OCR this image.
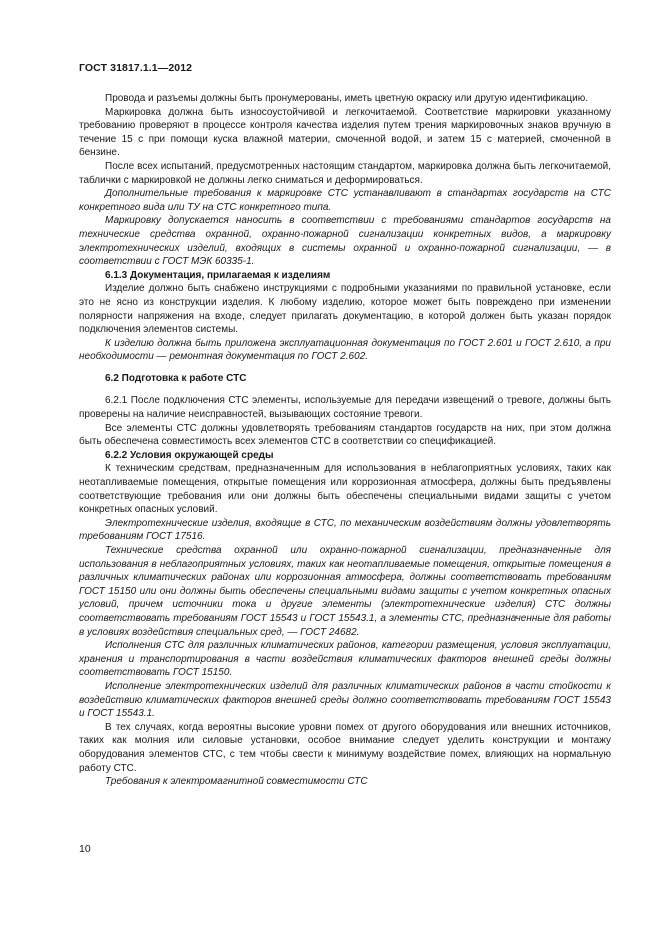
ГОСТ 31817.1.1—2012

Провода и разъемы должны быть пронумерованы, иметь цветную окраску или другую идентификацию.

Маркировка должна быть износоустойчивой и легкочитаемой. Соответствие маркировки указанному требованию проверяют в процессе контроля качества изделия путем трения маркировочных знаков вручную в течение 15 с при помощи куска влажной материи, смоченной водой, и затем 15 с материей, смоченной в бензине.

После всех испытаний, предусмотренных настоящим стандартом, маркировка должна быть легкочитаемой, таблички с маркировкой не должны легко сниматься и деформироваться.

Дополнительные требования к маркировке СТС устанавливают в стандартах государств на СТС конкретного вида или ТУ на СТС конкретного типа.

Маркировку допускается наносить в соответствии с требованиями стандартов государств на технические средства охранной, охранно-пожарной сигнализации конкретных видов, а маркировку электротехнических изделий, входящих в системы охранной и охранно-пожарной сигнализации, — в соответствии с ГОСТ МЭК 60335-1.

6.1.3 Документация, прилагаемая к изделиям

Изделие должно быть снабжено инструкциями с подробными указаниями по правильной установке, если это не ясно из конструкции изделия. К любому изделию, которое может быть повреждено при изменении полярности напряжения на входе, следует прилагать документацию, в которой должен быть указан порядок подключения элементов системы.

К изделию должна быть приложена эксплуатационная документация по ГОСТ 2.601 и ГОСТ 2.610, а при необходимости — ремонтная документация по ГОСТ 2.602.

6.2 Подготовка к работе СТС

6.2.1 После подключения СТС элементы, используемые для передачи извещений о тревоге, должны быть проверены на наличие неисправностей, вызывающих состояние тревоги.

Все элементы СТС должны удовлетворять требованиям стандартов государств на них, при этом должна быть обеспечена совместимость всех элементов СТС в соответствии со спецификацией.

6.2.2 Условия окружающей среды

К техническим средствам, предназначенным для использования в неблагоприятных условиях, таких как неотапливаемые помещения, открытые помещения или коррозионная атмосфера, должны быть предъявлены соответствующие требования или они должны быть обеспечены специальными видами защиты с учетом конкретных опасных условий.

Электротехнические изделия, входящие в СТС, по механическим воздействиям должны удовлетворять требованиям ГОСТ 17516.

Технические средства охранной или охранно-пожарной сигнализации, предназначенные для использования в неблагоприятных условиях, таких как неотапливаемые помещения, открытые помещения в различных климатических районах или коррозионная атмосфера, должны соответствовать требованиям ГОСТ 15150 или они должны быть обеспечены специальными видами защиты с учетом конкретных опасных условий, причем источники тока и другие элементы (электротехнические изделия) СТС должны соответствовать требованиям ГОСТ 15543 и ГОСТ 15543.1, а элементы СТС, предназначенные для работы в условиях воздействия специальных сред, — ГОСТ 24682.

Исполнения СТС для различных климатических районов, категории размещения, условия эксплуатации, хранения и транспортирования в части воздействия климатических факторов внешней среды должны соответствовать ГОСТ 15150.

Исполнение электротехнических изделий для различных климатических районов в части стойкости к воздействию климатических факторов внешней среды должно соответствовать требованиям ГОСТ 15543 и ГОСТ 15543.1.

В тех случаях, когда вероятны высокие уровни помех от другого оборудования или внешних источников, таких как молния или силовые установки, особое внимание следует уделить конструкции и монтажу оборудования элементов СТС, с тем чтобы свести к минимуму воздействие помех, влияющих на нормальную работу СТС.

Требования к электромагнитной совместимости СТС

10
